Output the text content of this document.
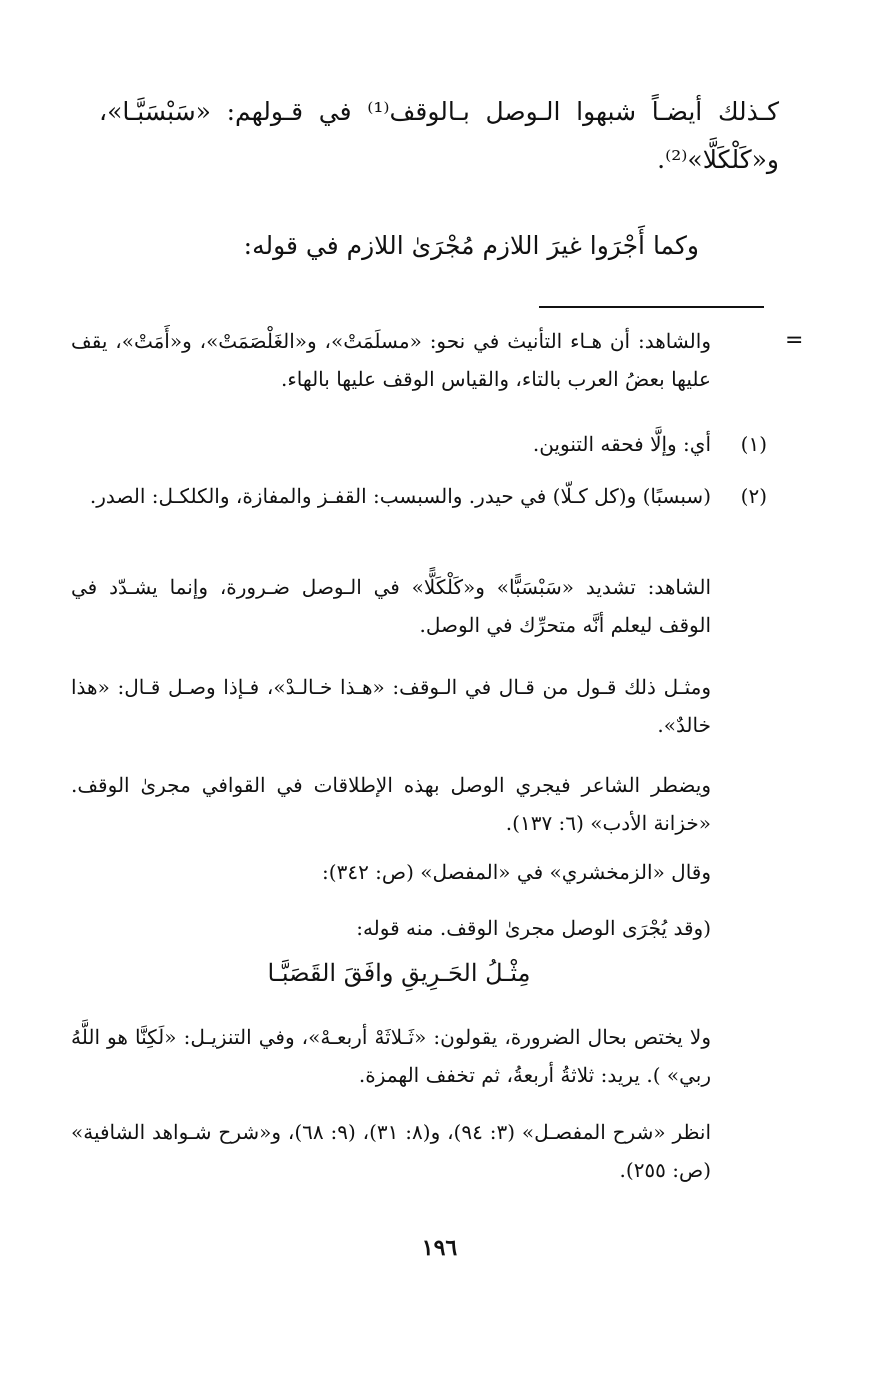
كـذلك أيضـاً شبهوا الـوصل بـالوقف⁽¹⁾ في قـولهم: «سَبْسَبَّـا»، و«كَلْكَلَّا»⁽²⁾.
وكما أَجْرَوا غيرَ اللازم مُجْرَىٰ اللازم في قوله:
=
والشاهد: أن هـاء التأنيث في نحو: «مسلَمَتْ»، و«الغَلْصَمَتْ»، و«أَمَتْ»، يقف عليها بعضُ العرب بالتاء، والقياس الوقف عليها بالهاء.
(١)
أي: وإلَّا فحقه التنوين.
(٢)
(سبسبًا) و(كل كـلّا) في حيدر. والسبسب: القفـز والمفازة، والكلكـل: الصدر.
الشاهد: تشديد «سَبْسَبًّا» و«كَلْكَلًّا» في الـوصل ضـرورة، وإنما يشـدّد في الوقف ليعلم أنَّه متحرِّك في الوصل.
ومثـل ذلك قـول من قـال في الـوقف: «هـذا خـالـدْ»، فـإذا وصـل قـال: «هذا خالدٌ».
ويضطر الشاعر فيجري الوصل بهذه الإطلاقات في القوافي مجرىٰ الوقف. «خزانة الأدب» (٦: ١٣٧).
وقال «الزمخشري» في «المفصل» (ص: ٣٤٢):
(وقد يُجْرَى الوصل مجرىٰ الوقف. منه قوله:
مِثْـلُ الحَـرِيقِ وافَقَ القَصَبَّـا
ولا يختص بحال الضرورة، يقولون: «ثَـلاثَهْ أربعـهْ»، وفي التنزيـل: «لَكِنَّا هو اللَّهُ ربي» ). يريد: ثلاثةُ أربعةُ، ثم تخفف الهمزة.
انظر «شرح المفصـل» (٣: ٩٤)، و(٨: ٣١)، (٩: ٦٨)، و«شرح شـواهد الشافية» (ص: ٢٥٥).
١٩٦
